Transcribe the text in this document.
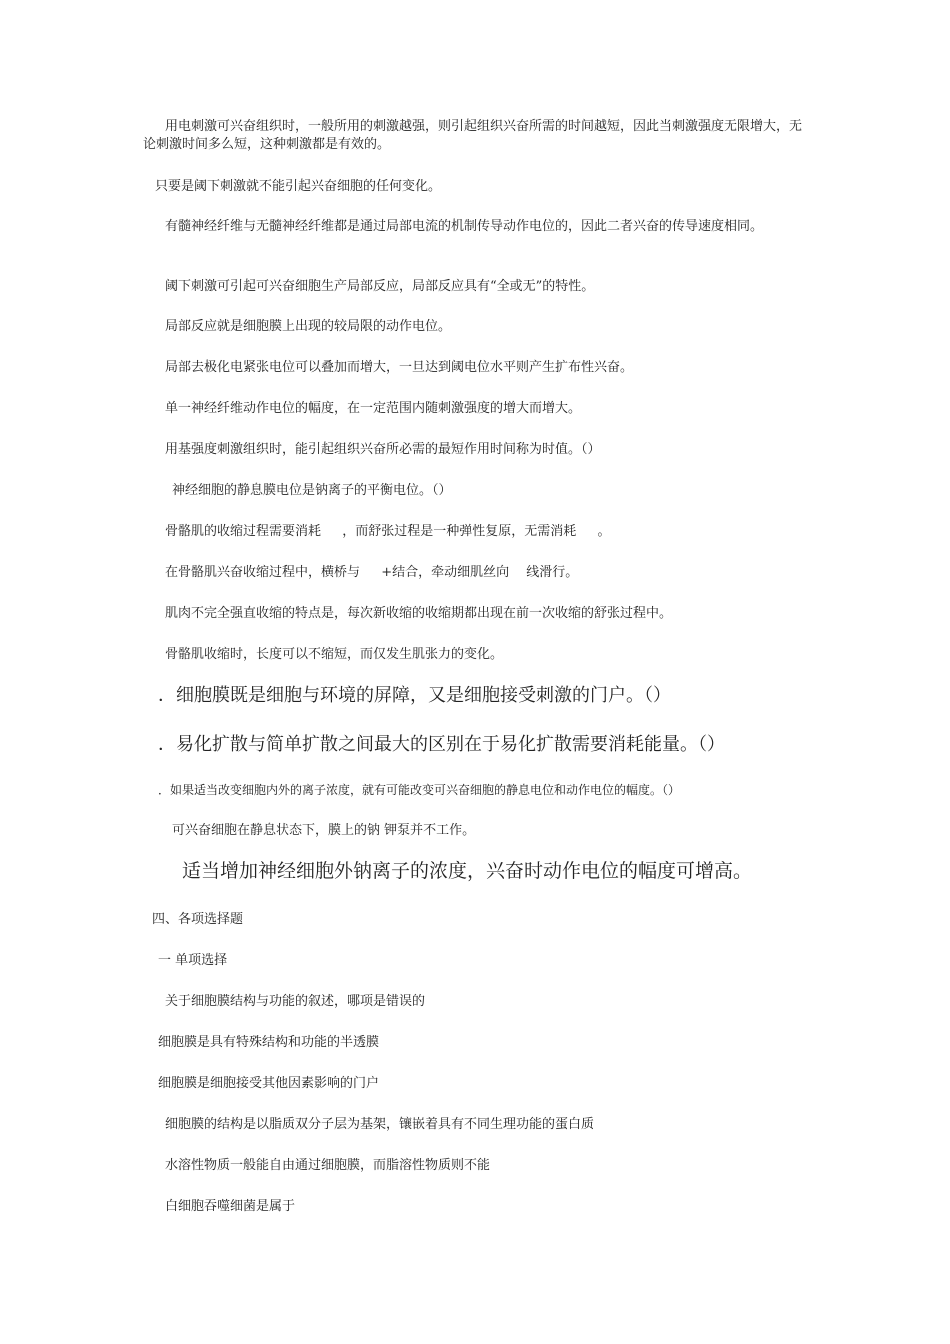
用电刺激可兴奋组织时，一般所用的刺激越强，则引起组织兴奋所需的时间越短，因此当刺激强度无限增大，无论刺激时间多么短，这种刺激都是有效的。
只要是阈下刺激就不能引起兴奋细胞的任何变化。
有髓神经纤维与无髓神经纤维都是通过局部电流的机制传导动作电位的，因此二者兴奋的传导速度相同。
阈下刺激可引起可兴奋细胞生产局部反应，局部反应具有“全或无”的特性。
局部反应就是细胞膜上出现的较局限的动作电位。
局部去极化电紧张电位可以叠加而增大，一旦达到阈电位水平则产生扩布性兴奋。
单一神经纤维动作电位的幅度，在一定范围内随刺激强度的增大而增大。
用基强度刺激组织时，能引起组织兴奋所必需的最短作用时间称为时值。（）
神经细胞的静息膜电位是钠离子的平衡电位。（）
骨骼肌的收缩过程需要消耗 　 ，而舒张过程是一种弹性复原，无需消耗 　 。
在骨骼肌兴奋收缩过程中，横桥与 　 +结合，牵动细肌丝向 　线滑行。
肌肉不完全强直收缩的特点是，每次新收缩的收缩期都出现在前一次收缩的舒张过程中。
骨骼肌收缩时，长度可以不缩短，而仅发生肌张力的变化。
．细胞膜既是细胞与环境的屏障，又是细胞接受刺激的门户。（）
．易化扩散与简单扩散之间最大的区别在于易化扩散需要消耗能量。（）
．如果适当改变细胞内外的离子浓度，就有可能改变可兴奋细胞的静息电位和动作电位的幅度。（）
可兴奋细胞在静息状态下，膜上的钠 钾泵并不工作。
适当增加神经细胞外钠离子的浓度，兴奋时动作电位的幅度可增高。
四、各项选择题
一 单项选择
关于细胞膜结构与功能的叙述，哪项是错误的
细胞膜是具有特殊结构和功能的半透膜
细胞膜是细胞接受其他因素影响的门户
细胞膜的结构是以脂质双分子层为基架，镶嵌着具有不同生理功能的蛋白质
水溶性物质一般能自由通过细胞膜，而脂溶性物质则不能
白细胞吞噬细菌是属于
